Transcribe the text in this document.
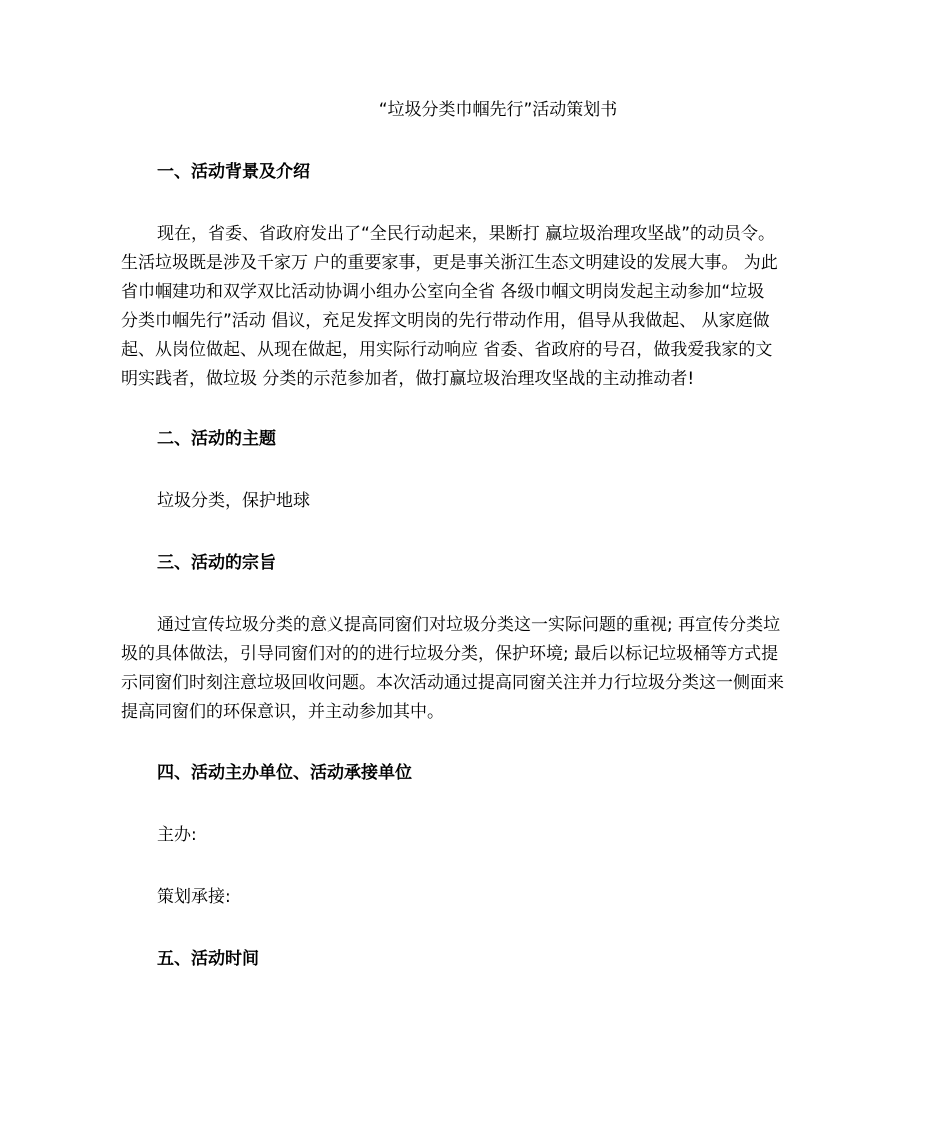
“垃圾分类巾帼先行”活动策划书
一、活动背景及介绍
现在，省委、省政府发出了“全民行动起来，果断打 赢垃圾治理攻坚战”的动员令。
生活垃圾既是涉及千家万 户的重要家事，更是事关浙江生态文明建设的发展大事。 为此
省巾帼建功和双学双比活动协调小组办公室向全省 各级巾帼文明岗发起主动参加“垃圾
分类巾帼先行”活动 倡议，充足发挥文明岗的先行带动作用，倡导从我做起、 从家庭做
起、从岗位做起、从现在做起，用实际行动响应 省委、省政府的号召，做我爱我家的文
明实践者，做垃圾 分类的示范参加者，做打赢垃圾治理攻坚战的主动推动者!
二、活动的主题
垃圾分类，保护地球
三、活动的宗旨
通过宣传垃圾分类的意义提高同窗们对垃圾分类这一实际问题的重视; 再宣传分类垃
圾的具体做法，引导同窗们对的的进行垃圾分类，保护环境; 最后以标记垃圾桶等方式提
示同窗们时刻注意垃圾回收问题。本次活动通过提高同窗关注并力行垃圾分类这一侧面来
提高同窗们的环保意识，并主动参加其中。
四、活动主办单位、活动承接单位
主办:
策划承接:
五、活动时间
